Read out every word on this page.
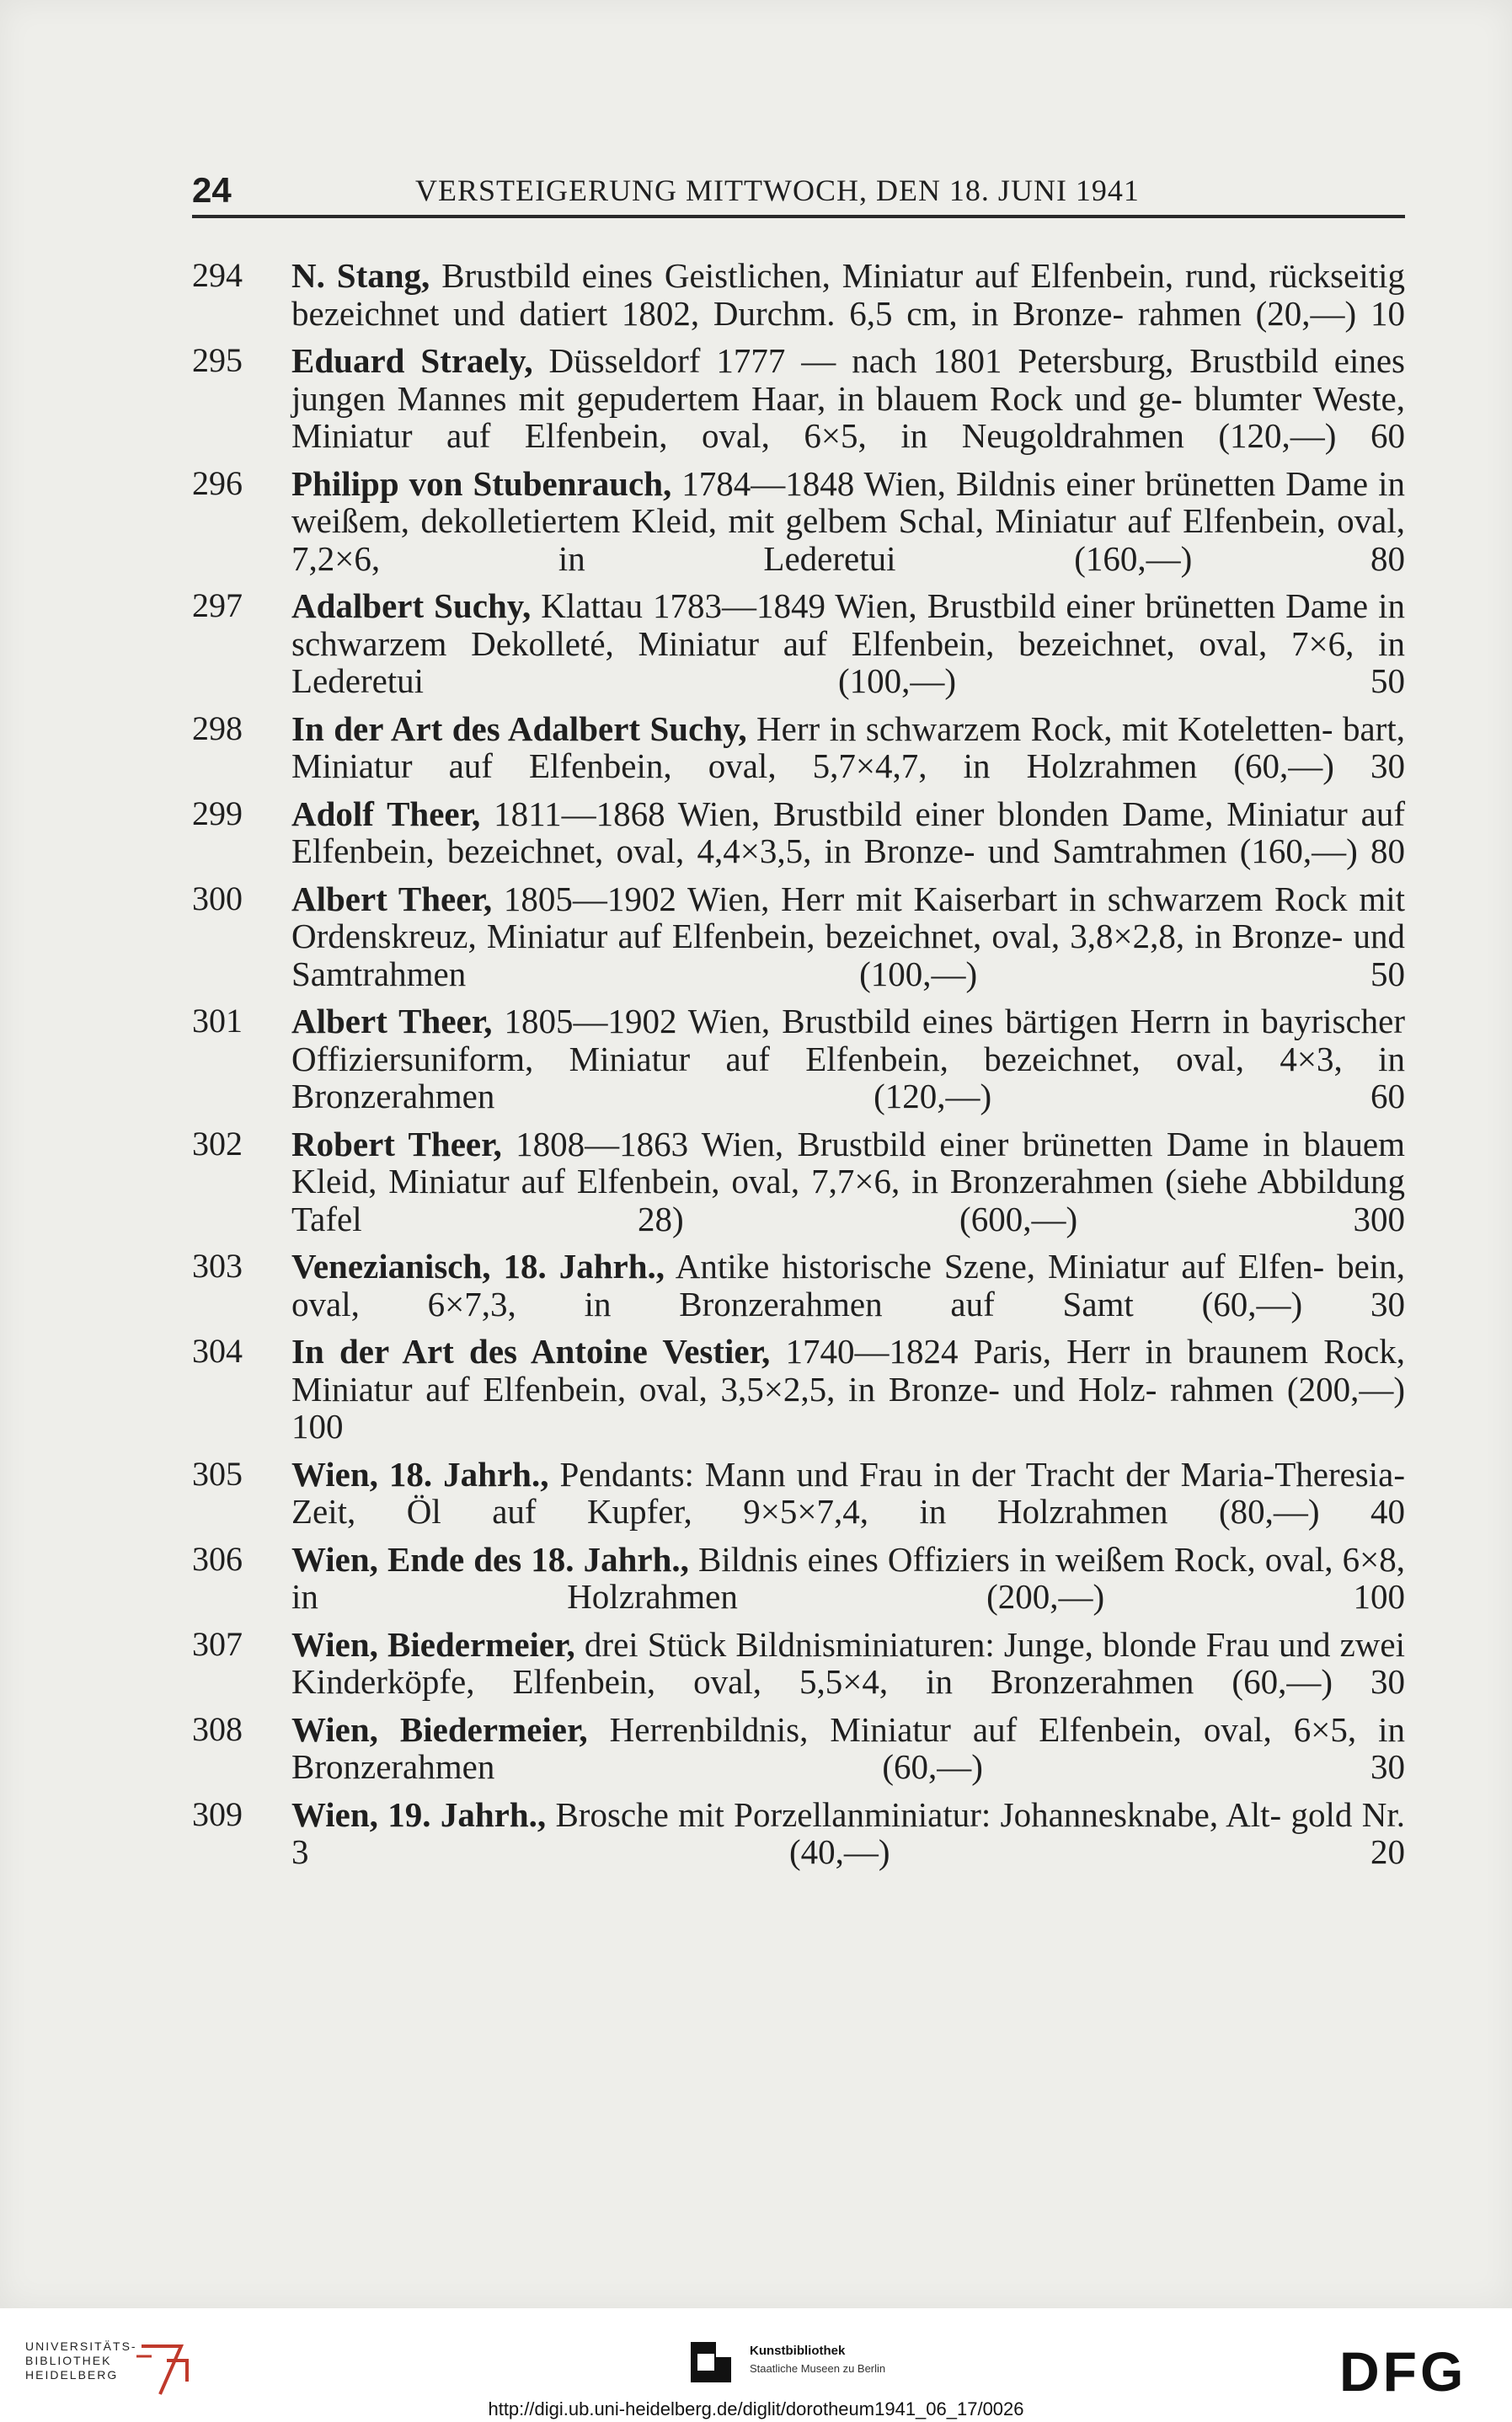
24	VERSTEIGERUNG MITTWOCH, DEN 18. JUNI 1941
294	N. Stang, Brustbild eines Geistlichen, Miniatur auf Elfenbein, rund, rückseitig bezeichnet und datiert 1802, Durchm. 6,5 cm, in Bronze- rahmen (20,—) 10
295	Eduard Straely, Düsseldorf 1777 — nach 1801 Petersburg, Brustbild eines jungen Mannes mit gepudertem Haar, in blauem Rock und ge- blumter Weste, Miniatur auf Elfenbein, oval, 6×5, in Neugoldrahmen (120,—) 60
296	Philipp von Stubenrauch, 1784—1848 Wien, Bildnis einer brünetten Dame in weißem, dekolletiertem Kleid, mit gelbem Schal, Miniatur auf Elfenbein, oval, 7,2×6, in Lederetui (160,—) 80
297	Adalbert Suchy, Klattau 1783—1849 Wien, Brustbild einer brünetten Dame in schwarzem Dekolleté, Miniatur auf Elfenbein, bezeichnet, oval, 7×6, in Lederetui (100,—) 50
298	In der Art des Adalbert Suchy, Herr in schwarzem Rock, mit Koteletten- bart, Miniatur auf Elfenbein, oval, 5,7×4,7, in Holzrahmen (60,—) 30
299	Adolf Theer, 1811—1868 Wien, Brustbild einer blonden Dame, Miniatur auf Elfenbein, bezeichnet, oval, 4,4×3,5, in Bronze- und Samtrahmen (160,—) 80
300	Albert Theer, 1805—1902 Wien, Herr mit Kaiserbart in schwarzem Rock mit Ordenskreuz, Miniatur auf Elfenbein, bezeichnet, oval, 3,8×2,8, in Bronze- und Samtrahmen (100,—) 50
301	Albert Theer, 1805—1902 Wien, Brustbild eines bärtigen Herrn in bayrischer Offiziersuniform, Miniatur auf Elfenbein, bezeichnet, oval, 4×3, in Bronzerahmen (120,—) 60
302	Robert Theer, 1808—1863 Wien, Brustbild einer brünetten Dame in blauem Kleid, Miniatur auf Elfenbein, oval, 7,7×6, in Bronzerahmen (siehe Abbildung Tafel 28) (600,—) 300
303	Venezianisch, 18. Jahrh., Antike historische Szene, Miniatur auf Elfen- bein, oval, 6×7,3, in Bronzerahmen auf Samt (60,—) 30
304	In der Art des Antoine Vestier, 1740—1824 Paris, Herr in braunem Rock, Miniatur auf Elfenbein, oval, 3,5×2,5, in Bronze- und Holz- rahmen (200,—) 100
305	Wien, 18. Jahrh., Pendants: Mann und Frau in der Tracht der Maria-Theresia-Zeit, Öl auf Kupfer, 9×5×7,4, in Holzrahmen (80,—) 40
306	Wien, Ende des 18. Jahrh., Bildnis eines Offiziers in weißem Rock, oval, 6×8, in Holzrahmen (200,—) 100
307	Wien, Biedermeier, drei Stück Bildnisminiaturen: Junge, blonde Frau und zwei Kinderköpfe, Elfenbein, oval, 5,5×4, in Bronzerahmen (60,—) 30
308	Wien, Biedermeier, Herrenbildnis, Miniatur auf Elfenbein, oval, 6×5, in Bronzerahmen (60,—) 30
309	Wien, 19. Jahrh., Brosche mit Porzellanminiatur: Johannesknabe, Alt- gold Nr. 3 (40,—) 20
UNIVERSITÄTS-
BIBLIOTHEK
HEIDELBERG
Kunstbibliothek
Staatliche Museen zu Berlin	DFG
http://digi.ub.uni-heidelberg.de/diglit/dorotheum1941_06_17/0026
